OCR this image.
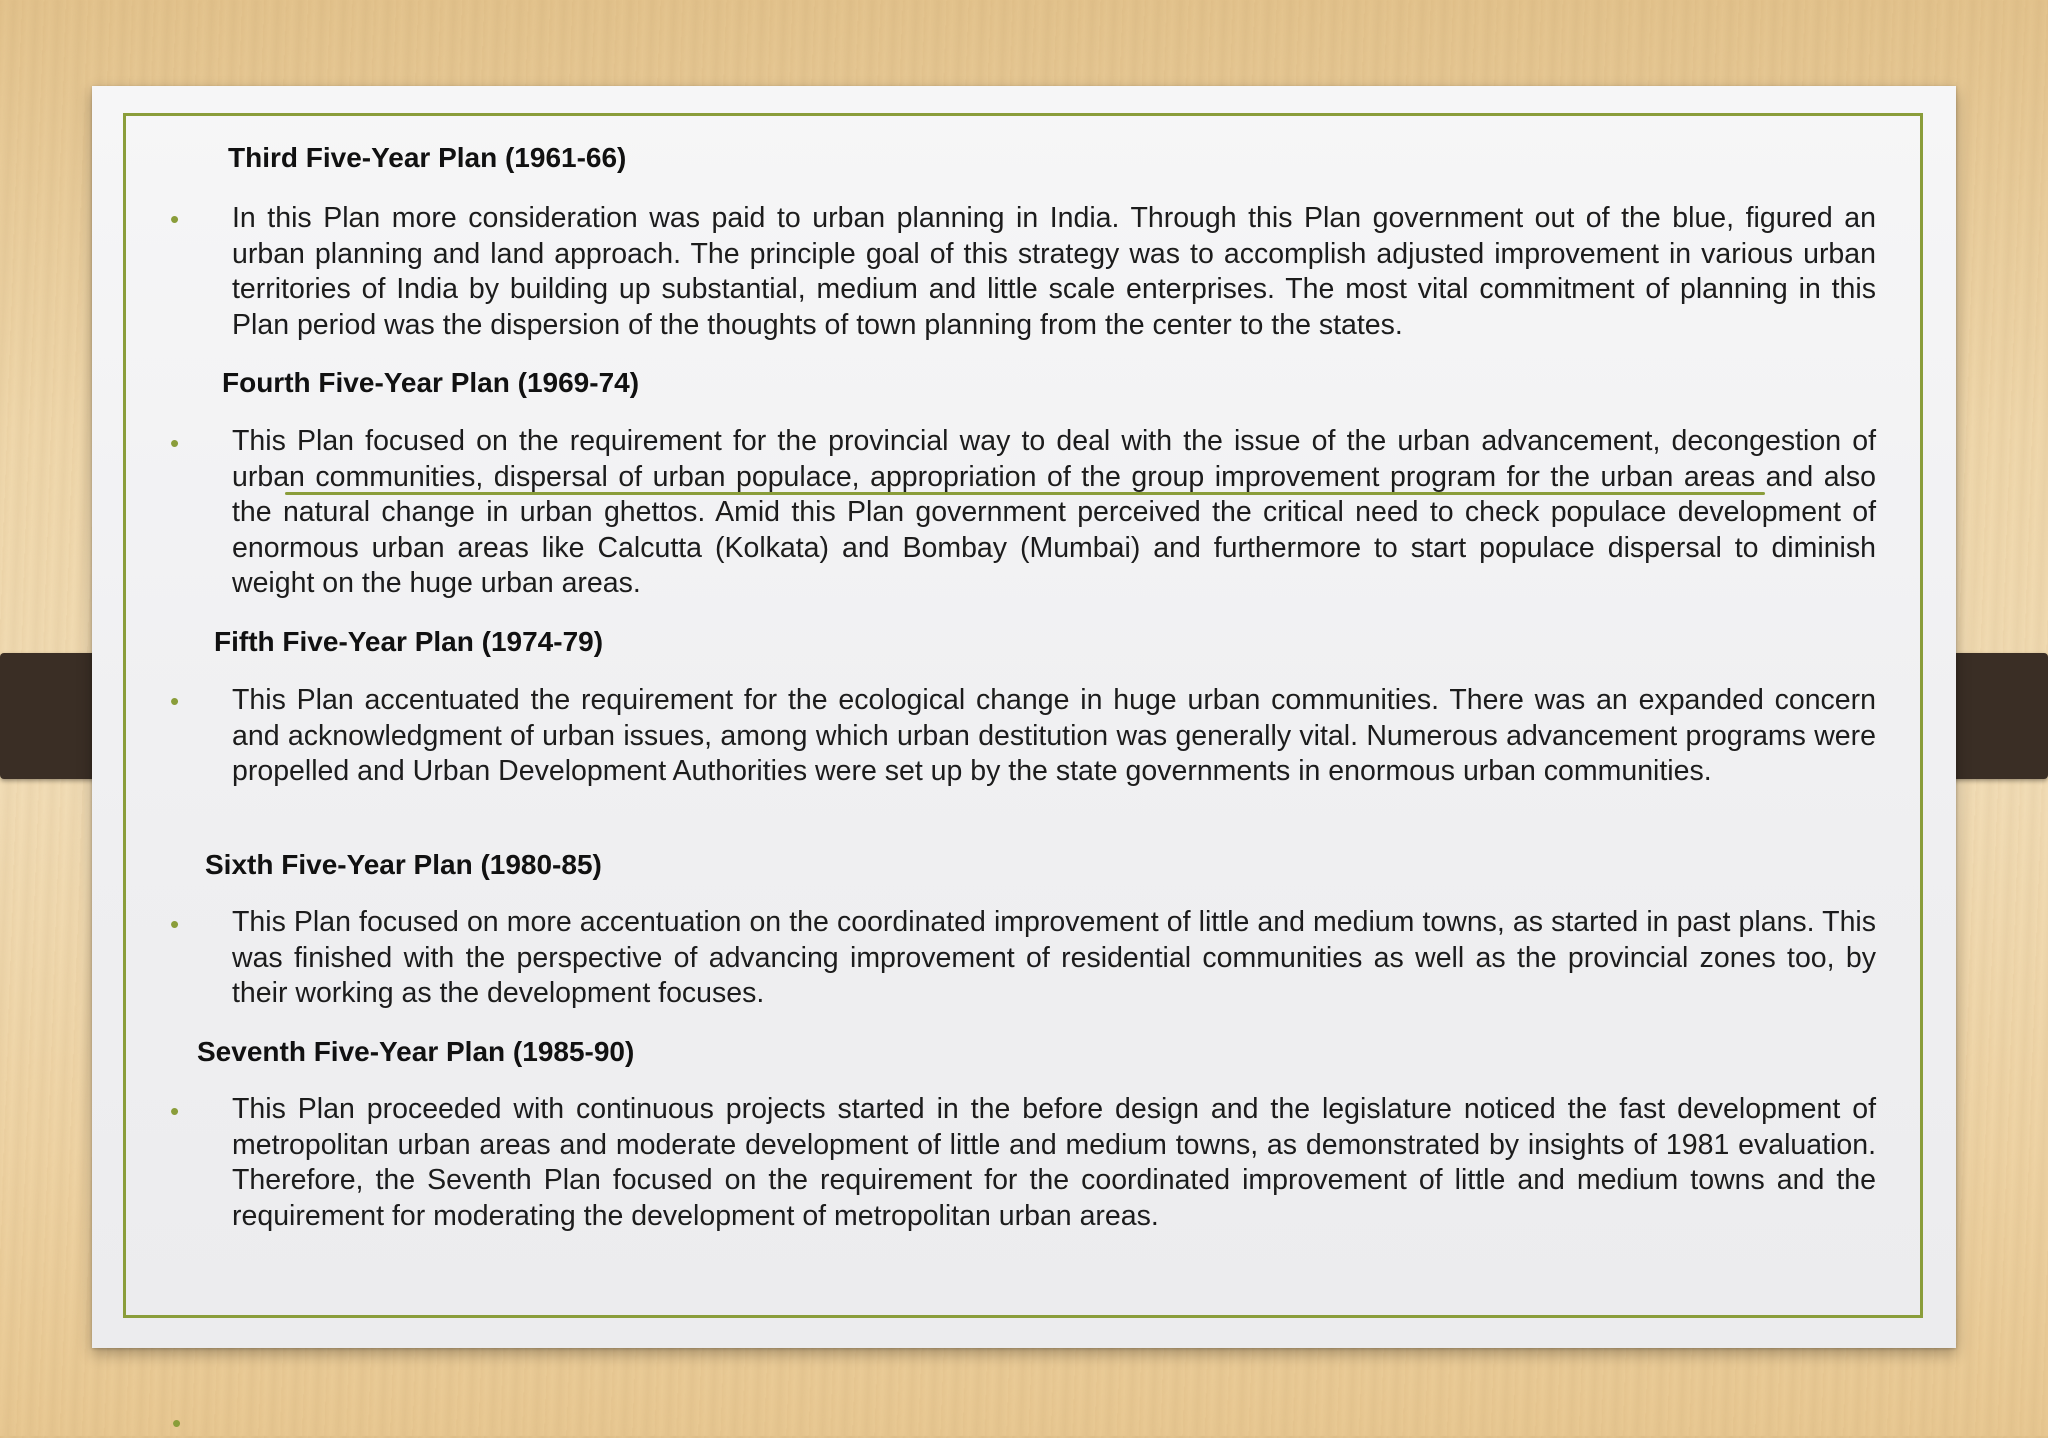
Third Five-Year Plan (1961-66)
• In this Plan more consideration was paid to urban planning in India. Through this Plan government out of the blue, figured an urban planning and land approach. The principle goal of this strategy was to accomplish adjusted improvement in various urban territories of India by building up substantial, medium and little scale enterprises. The most vital commitment of planning in this Plan period was the dispersion of the thoughts of town planning from the center to the states.

Fourth Five-Year Plan (1969-74)
• This Plan focused on the requirement for the provincial way to deal with the issue of the urban advancement, decongestion of urban communities, dispersal of urban populace, appropriation of the group improvement program for the urban areas and also the natural change in urban ghettos. Amid this Plan government perceived the critical need to check populace development of enormous urban areas like Calcutta (Kolkata) and Bombay (Mumbai) and furthermore to start populace dispersal to diminish weight on the huge urban areas.

Fifth Five-Year Plan (1974-79)
• This Plan accentuated the requirement for the ecological change in huge urban communities. There was an expanded concern and acknowledgment of urban issues, among which urban destitution was generally vital. Numerous advancement programs were propelled and Urban Development Authorities were set up by the state governments in enormous urban communities.

Sixth Five-Year Plan (1980-85)
• This Plan focused on more accentuation on the coordinated improvement of little and medium towns, as started in past plans. This was finished with the perspective of advancing improvement of residential communities as well as the provincial zones too, by their working as the development focuses.

Seventh Five-Year Plan (1985-90)
• This Plan proceeded with continuous projects started in the before design and the legislature noticed the fast development of metropolitan urban areas and moderate development of little and medium towns, as demonstrated by insights of 1981 evaluation. Therefore, the Seventh Plan focused on the requirement for the coordinated improvement of little and medium towns and the requirement for moderating the development of metropolitan urban areas.

•
